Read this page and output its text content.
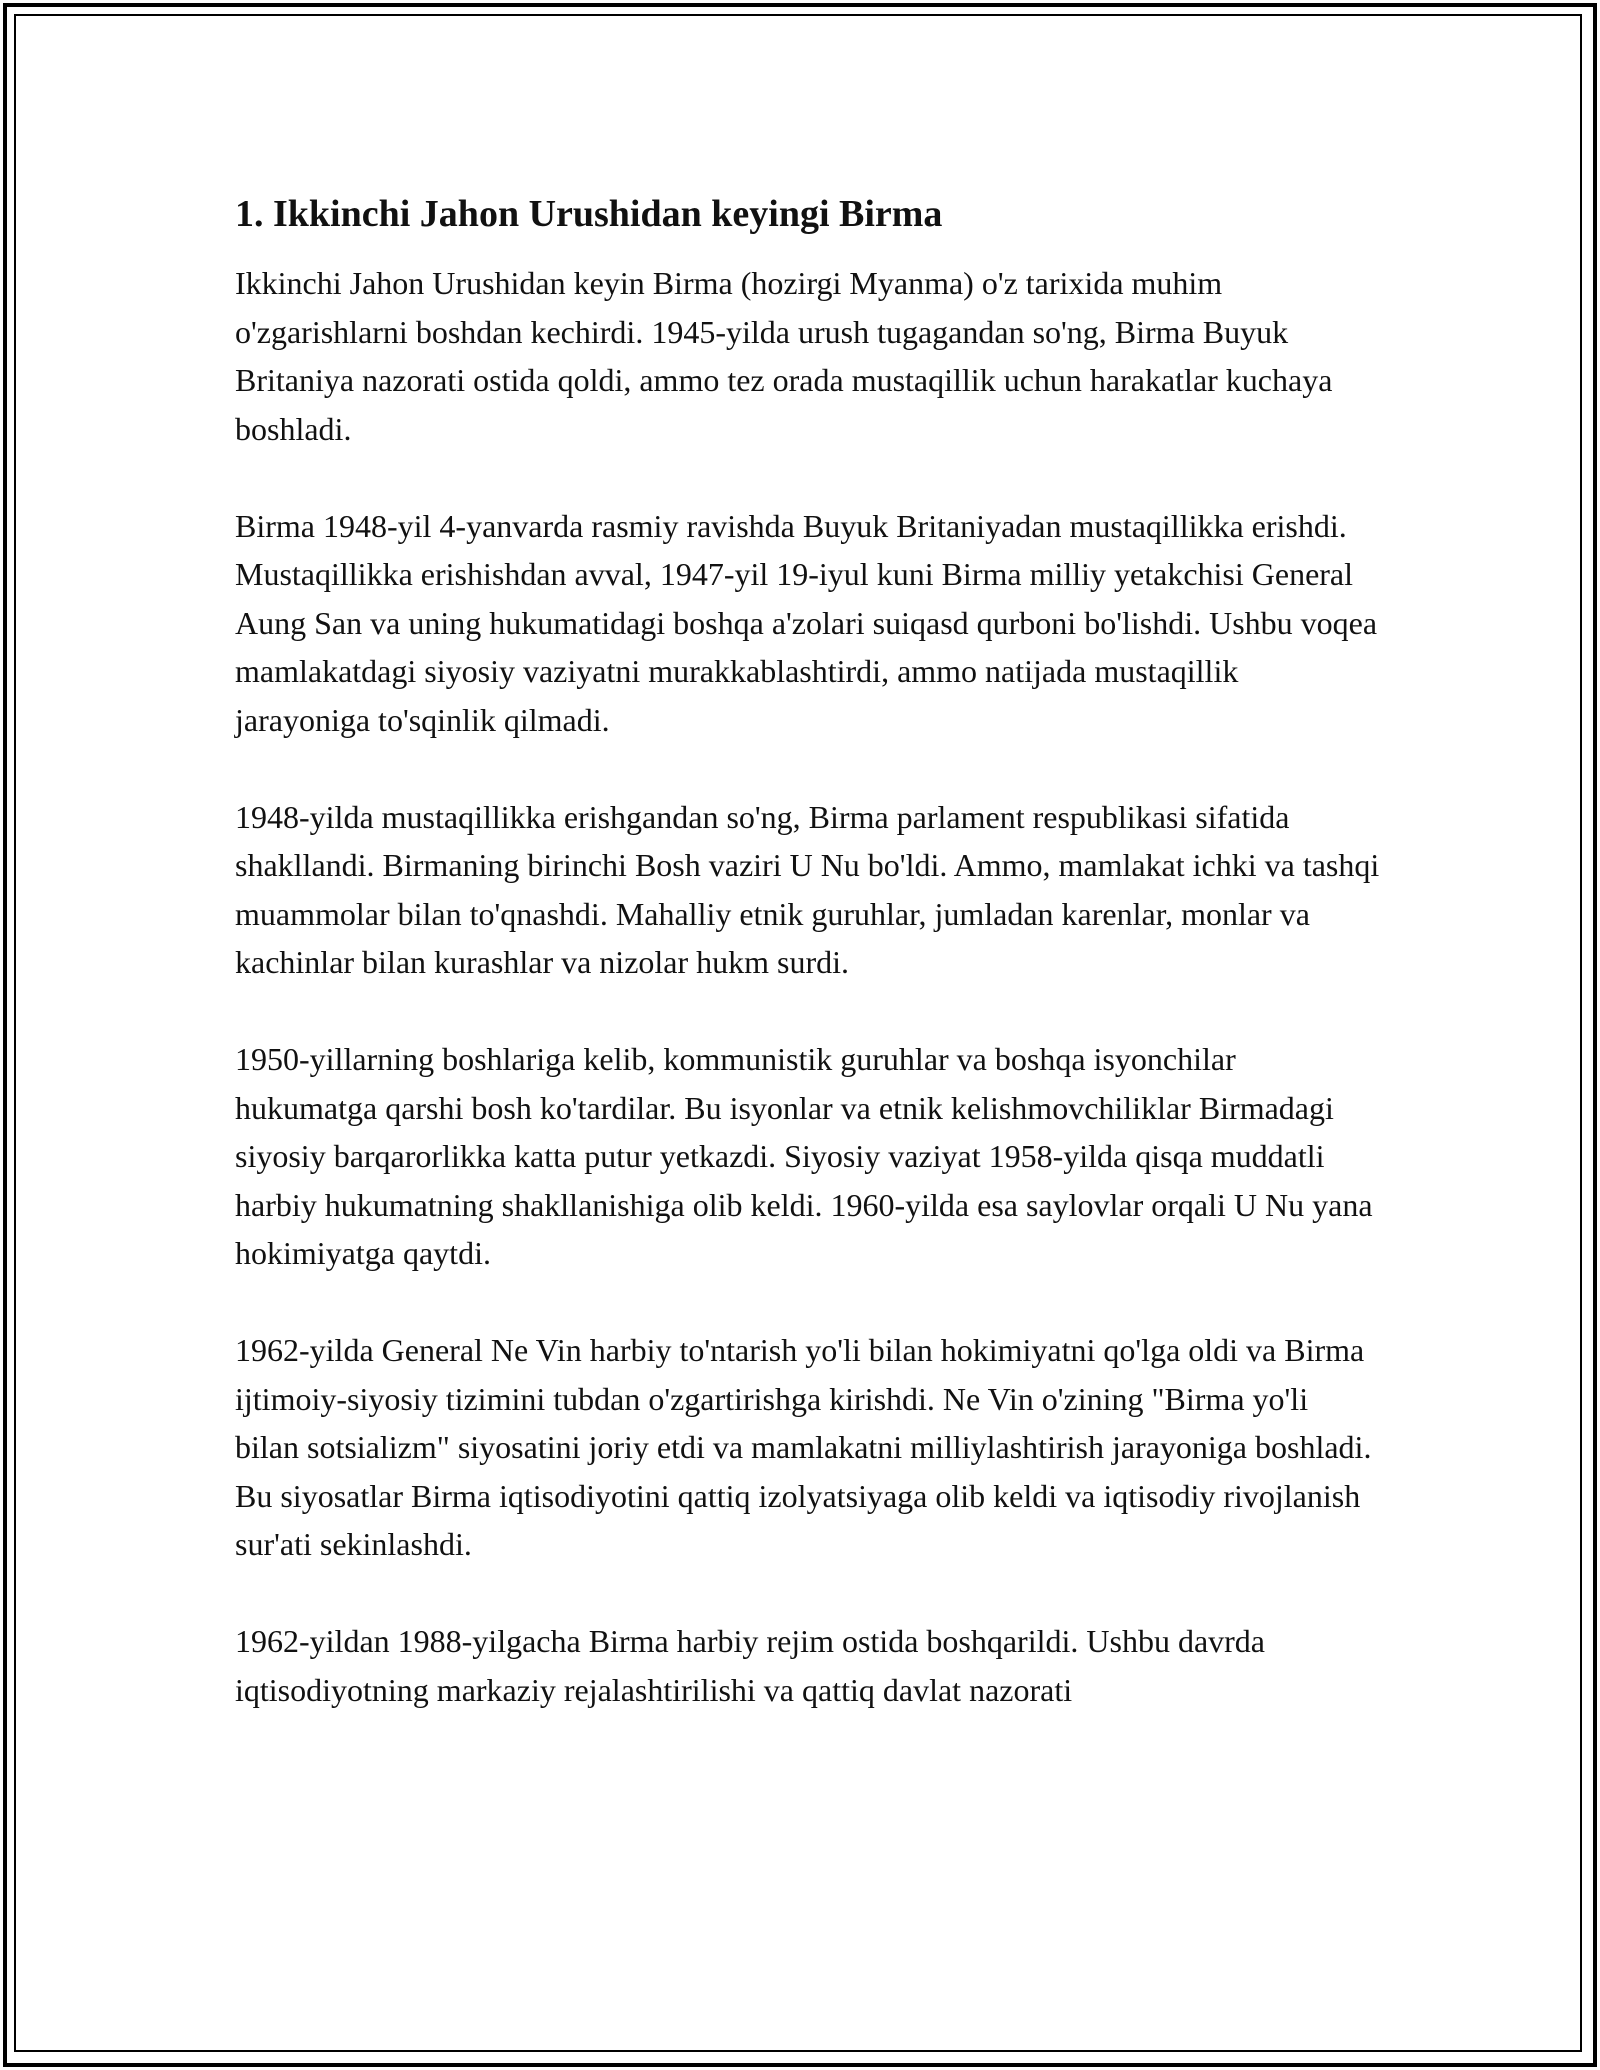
1. Ikkinchi Jahon Urushidan keyingi Birma

Ikkinchi Jahon Urushidan keyin Birma (hozirgi Myanma) o'z tarixida muhim o'zgarishlarni boshdan kechirdi. 1945-yilda urush tugagandan so'ng, Birma Buyuk Britaniya nazorati ostida qoldi, ammo tez orada mustaqillik uchun harakatlar kuchaya boshladi.

Birma 1948-yil 4-yanvarda rasmiy ravishda Buyuk Britaniyadan mustaqillikka erishdi. Mustaqillikka erishishdan avval, 1947-yil 19-iyul kuni Birma milliy yetakchisi General Aung San va uning hukumatidagi boshqa a'zolari suiqasd qurboni bo'lishdi. Ushbu voqea mamlakatdagi siyosiy vaziyatni murakkablashtirdi, ammo natijada mustaqillik jarayoniga to'sqinlik qilmadi.

1948-yilda mustaqillikka erishgandan so'ng, Birma parlament respublikasi sifatida shakllandi. Birmaning birinchi Bosh vaziri U Nu bo'ldi. Ammo, mamlakat ichki va tashqi muammolar bilan to'qnashdi. Mahalliy etnik guruhlar, jumladan karenlar, monlar va kachinlar bilan kurashlar va nizolar hukm surdi.

1950-yillarning boshlariga kelib, kommunistik guruhlar va boshqa isyonchilar hukumatga qarshi bosh ko'tardilar. Bu isyonlar va etnik kelishmovchiliklar Birmadagi siyosiy barqarorlikka katta putur yetkazdi. Siyosiy vaziyat 1958-yilda qisqa muddatli harbiy hukumatning shakllanishiga olib keldi. 1960-yilda esa saylovlar orqali U Nu yana hokimiyatga qaytdi.

1962-yilda General Ne Vin harbiy to'ntarish yo'li bilan hokimiyatni qo'lga oldi va Birma ijtimoiy-siyosiy tizimini tubdan o'zgartirishga kirishdi. Ne Vin o'zining "Birma yo'li bilan sotsializm" siyosatini joriy etdi va mamlakatni milliylashtirish jarayoniga boshladi. Bu siyosatlar Birma iqtisodiyotini qattiq izolyatsiyaga olib keldi va iqtisodiy rivojlanish sur'ati sekinlashdi.

1962-yildan 1988-yilgacha Birma harbiy rejim ostida boshqarildi. Ushbu davrda iqtisodiyotning markaziy rejalashtirilishi va qattiq davlat nazorati
